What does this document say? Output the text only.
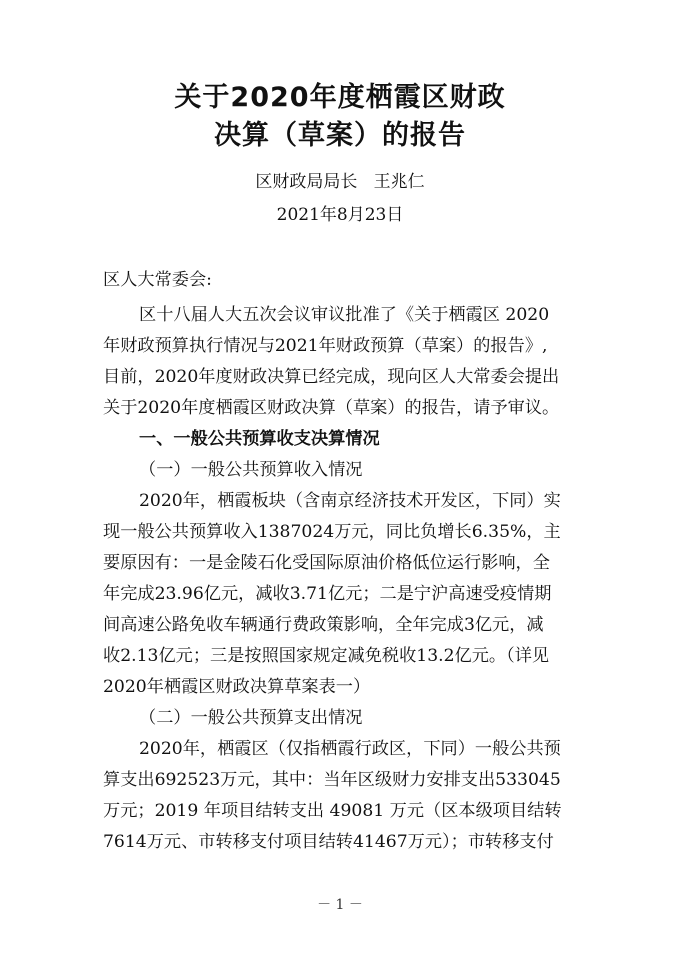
关于2020年度栖霞区财政
决算（草案）的报告
区财政局局长   王兆仁
2021年8月23日
区人大常委会:
区十八届人大五次会议审议批准了《关于栖霞区 2020
年财政预算执行情况与2021年财政预算（草案）的报告》,
目前，2020年度财政决算已经完成，现向区人大常委会提出
关于2020年度栖霞区财政决算（草案）的报告，请予审议。
一、一般公共预算收支决算情况
（一）一般公共预算收入情况
2020年，栖霞板块（含南京经济技术开发区，下同）实
现一般公共预算收入1387024万元，同比负增长6.35%，主
要原因有：一是金陵石化受国际原油价格低位运行影响，全
年完成23.96亿元，减收3.71亿元；二是宁沪高速受疫情期
间高速公路免收车辆通行费政策影响，全年完成3亿元，减
收2.13亿元；三是按照国家规定减免税收13.2亿元。（详见
2020年栖霞区财政决算草案表一）
（二）一般公共预算支出情况
2020年，栖霞区（仅指栖霞行政区，下同）一般公共预
算支出692523万元，其中：当年区级财力安排支出533045
万元；2019 年项目结转支出 49081 万元（区本级项目结转
7614万元、市转移支付项目结转41467万元）；市转移支付
－ 1 －
